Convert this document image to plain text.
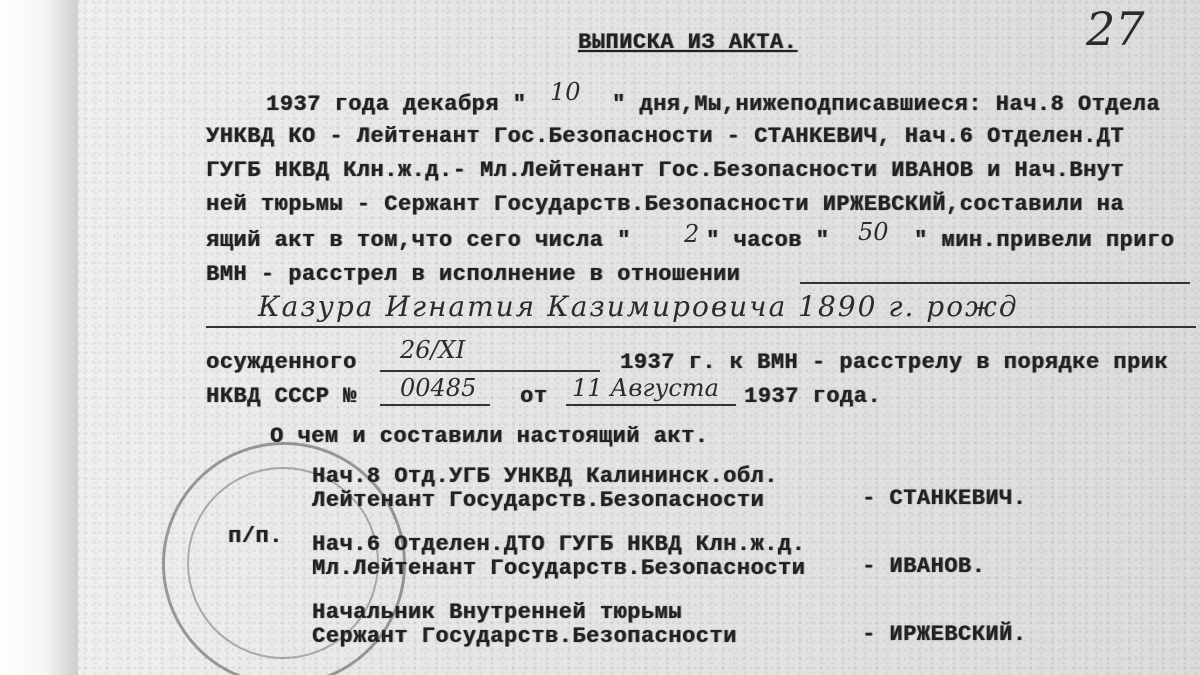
27
ВЫПИСКА ИЗ АКТА.
1937 года декабря " 10 " дня,Мы,нижеподписавшиеся: Нач.8 Отдела
УНКВД КО - Лейтенант Гос.Безопасности - СТАНКЕВИЧ, Нач.6 Отделен.ДТ
ГУГБ НКВД Клн.ж.д.- Мл.Лейтенант Гос.Безопасности ИВАНОВ и Нач.Внут
ней тюрьмы - Сержант Государств.Безопасности ИРЖЕВСКИЙ,составили на
ящий акт в том,что сего числа " 2 " часов " 50 " мин.привели приго
ВМН - расстрел в исполнение в отношении
Казура Игнатия Казимировича 1890 г. рожд
осужденного 26/XI	1937 г. к ВМН - расстрелу в порядке прик
НКВД СССР № 00485 от 11 Августа 1937 года.
О чем и составили настоящий акт.
Нач.8 Отд.УГБ УНКВД Калининск.обл.
Лейтенант Государств.Безопасности	- СТАНКЕВИЧ.
п/п. Нач.6 Отделен.ДТО ГУГБ НКВД Клн.ж.д.
Мл.Лейтенант Государств.Безопасности	- ИВАНОВ.
Начальник Внутренней тюрьмы
Сержант Государств.Безопасности	- ИРЖЕВСКИЙ.
